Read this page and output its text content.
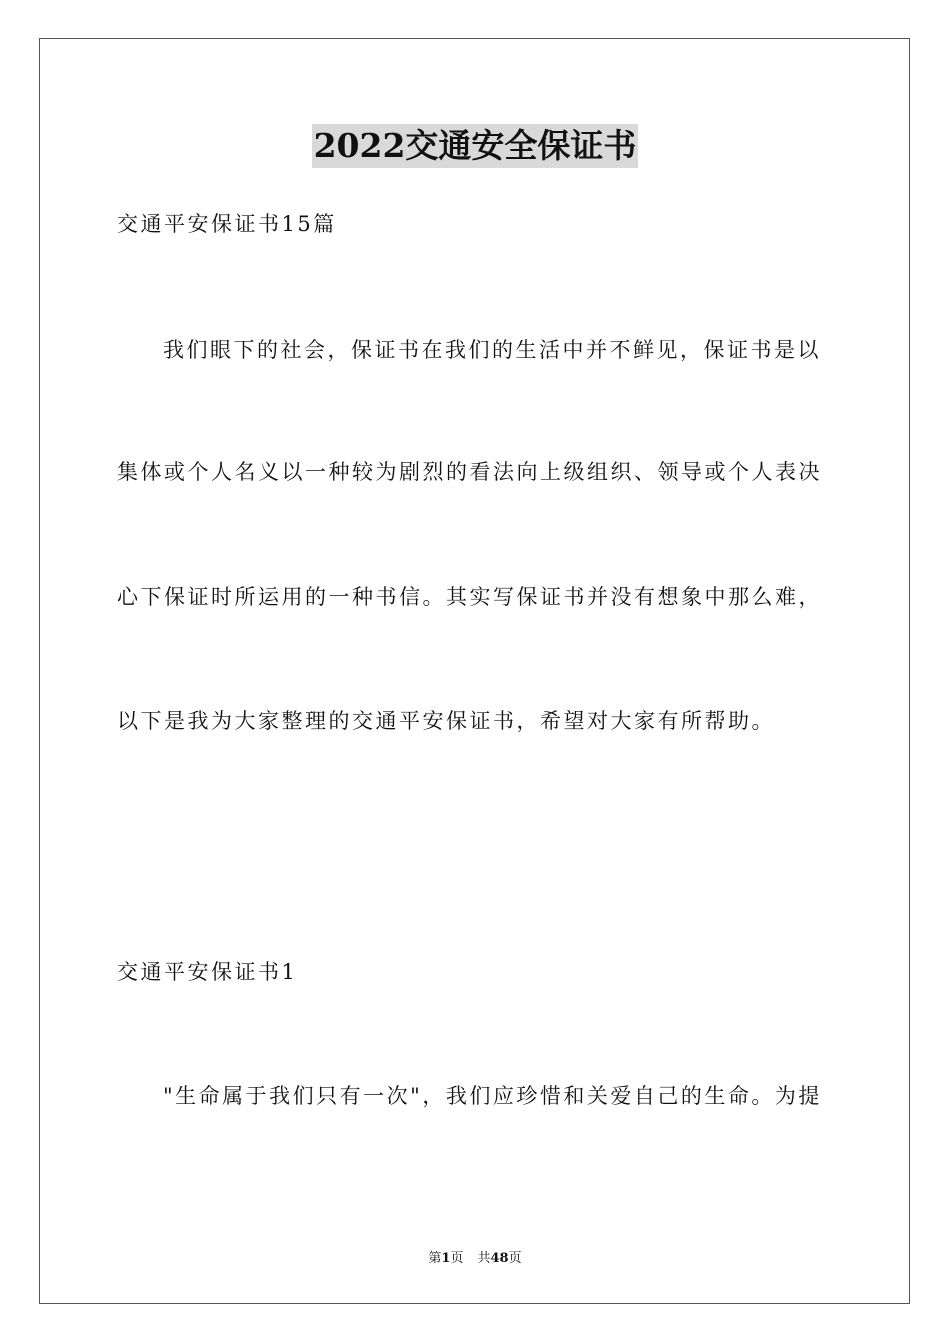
2022交通安全保证书
交通平安保证书15篇
我们眼下的社会，保证书在我们的生活中并不鲜见，保证书是以
集体或个人名义以一种较为剧烈的看法向上级组织、领导或个人表决
心下保证时所运用的一种书信。其实写保证书并没有想象中那么难，
以下是我为大家整理的交通平安保证书，希望对大家有所帮助。
交通平安保证书1
"生命属于我们只有一次"，我们应珍惜和关爱自己的生命。为提
第1页 共48页
